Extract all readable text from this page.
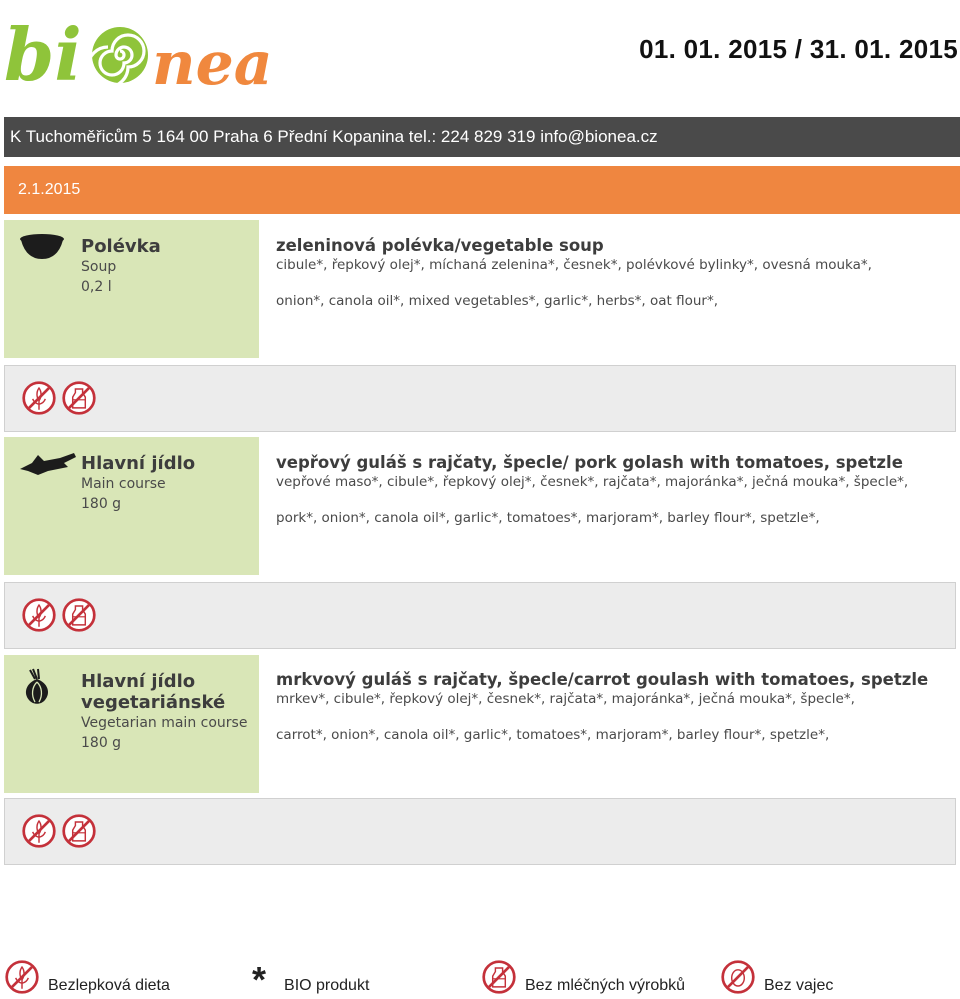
bi nea	01. 01. 2015 / 31. 01. 2015
K Tuchoměřicům 5 164 00 Praha 6 Přední Kopanina tel.: 224 829 319 info@bionea.cz
2.1.2015
Polévka
Soup
0,2 l
zeleninová polévka/vegetable soup
cibule*, řepkový olej*, míchaná zelenina*, česnek*, polévkové bylinky*, ovesná mouka*,
onion*, canola oil*, mixed vegetables*, garlic*, herbs*, oat flour*,
Hlavní jídlo
Main course
180 g
vepřový guláš s rajčaty, špecle/ pork golash with tomatoes, spetzle
vepřové maso*, cibule*, řepkový olej*, česnek*, rajčata*, majoránka*, ječná mouka*, špecle*,
pork*, onion*, canola oil*, garlic*, tomatoes*, marjoram*, barley flour*, spetzle*,
Hlavní jídlo
vegetariánské
Vegetarian main course
180 g
mrkvový guláš s rajčaty, špecle/carrot goulash with tomatoes, spetzle
mrkev*, cibule*, řepkový olej*, česnek*, rajčata*, majoránka*, ječná mouka*, špecle*,
carrot*, onion*, canola oil*, garlic*, tomatoes*, marjoram*, barley flour*, spetzle*,
Bezlepková dieta * BIO produkt	Bez mléčných výrobků	Bez vajec
